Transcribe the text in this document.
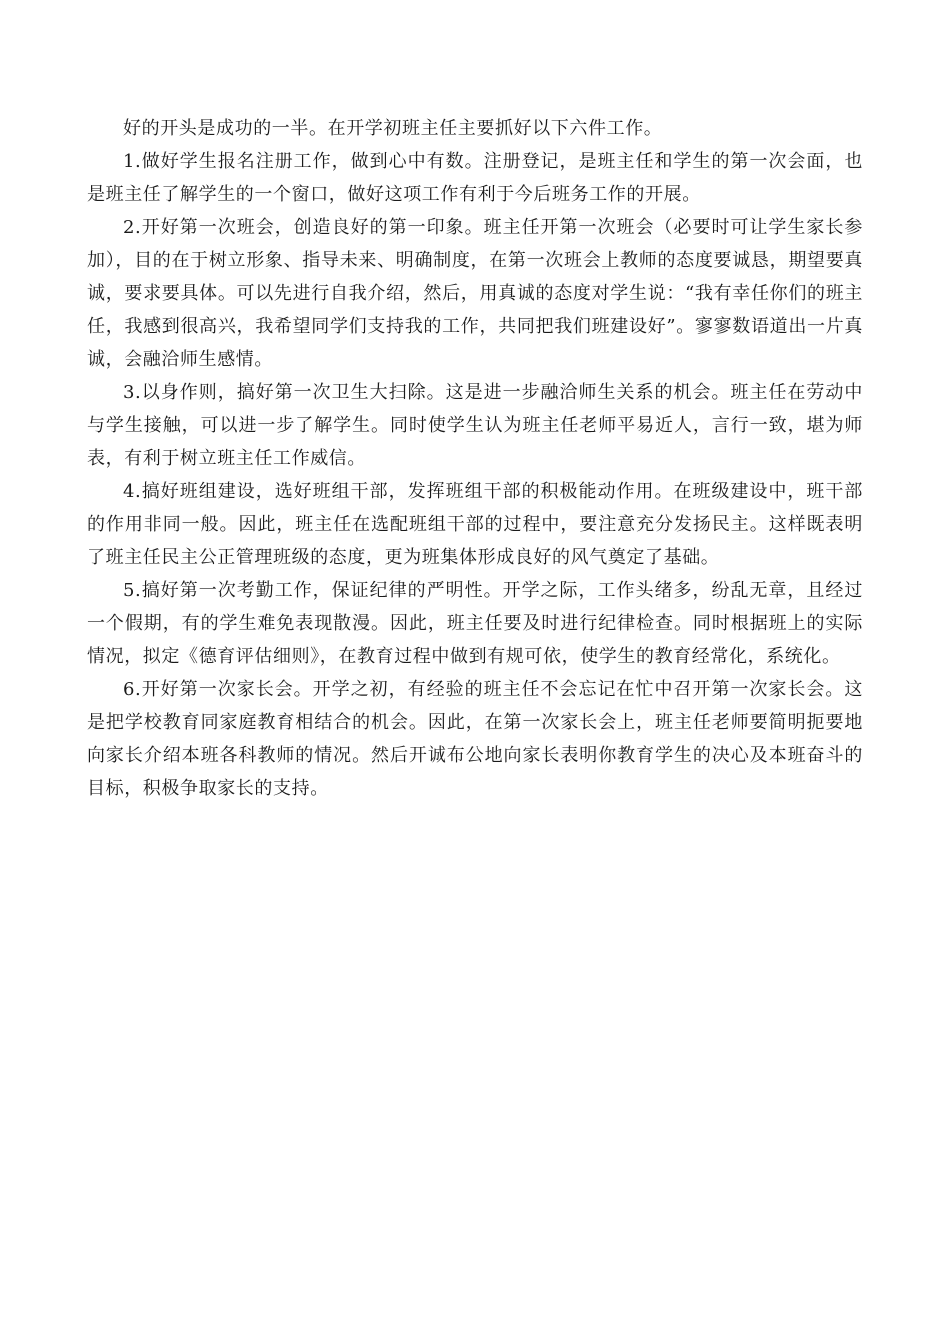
好的开头是成功的一半。在开学初班主任主要抓好以下六件工作。

1.做好学生报名注册工作，做到心中有数。注册登记，是班主任和学生的第一次会面，也是班主任了解学生的一个窗口，做好这项工作有利于今后班务工作的开展。

2.开好第一次班会，创造良好的第一印象。班主任开第一次班会（必要时可让学生家长参加），目的在于树立形象、指导未来、明确制度，在第一次班会上教师的态度要诚恳，期望要真诚，要求要具体。可以先进行自我介绍，然后，用真诚的态度对学生说：“我有幸任你们的班主任，我感到很高兴，我希望同学们支持我的工作，共同把我们班建设好”。寥寥数语道出一片真诚，会融洽师生感情。

3.以身作则，搞好第一次卫生大扫除。这是进一步融洽师生关系的机会。班主任在劳动中与学生接触，可以进一步了解学生。同时使学生认为班主任老师平易近人，言行一致，堪为师表，有利于树立班主任工作威信。

4.搞好班组建设，选好班组干部，发挥班组干部的积极能动作用。在班级建设中，班干部的作用非同一般。因此，班主任在选配班组干部的过程中，要注意充分发扬民主。这样既表明了班主任民主公正管理班级的态度，更为班集体形成良好的风气奠定了基础。

5.搞好第一次考勤工作，保证纪律的严明性。开学之际，工作头绪多，纷乱无章，且经过一个假期，有的学生难免表现散漫。因此，班主任要及时进行纪律检查。同时根据班上的实际情况，拟定《德育评估细则》，在教育过程中做到有规可依，使学生的教育经常化，系统化。

6.开好第一次家长会。开学之初，有经验的班主任不会忘记在忙中召开第一次家长会。这是把学校教育同家庭教育相结合的机会。因此，在第一次家长会上，班主任老师要简明扼要地向家长介绍本班各科教师的情况。然后开诚布公地向家长表明你教育学生的决心及本班奋斗的目标，积极争取家长的支持。
